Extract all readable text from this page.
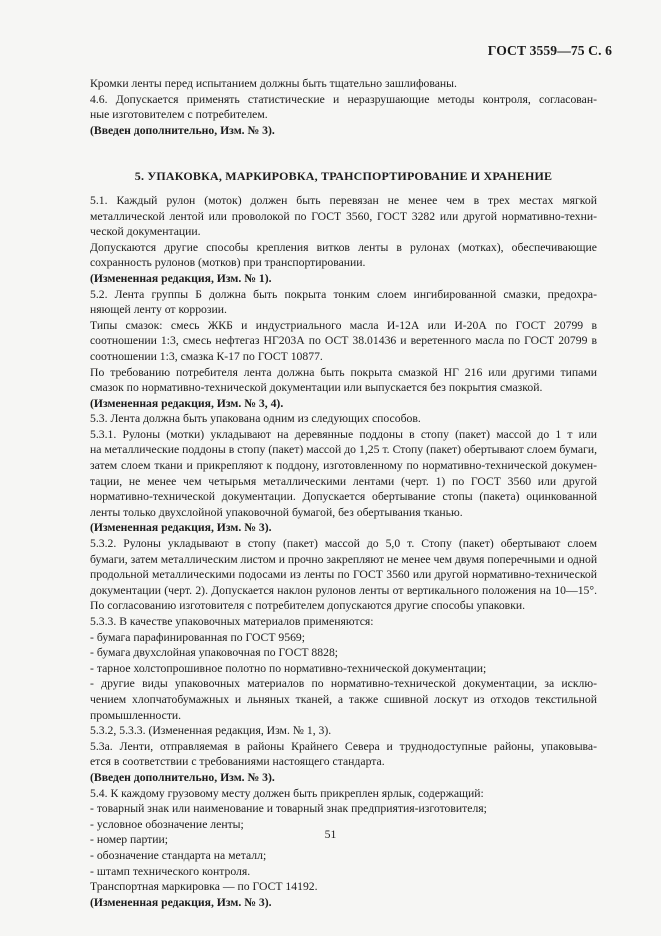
ГОСТ 3559—75 С. 6
Кромки ленты перед испытанием должны быть тщательно зашлифованы.
4.6. Допускается применять статистические и неразрушающие методы контроля, согласован-
ные изготовителем с потребителем.
(Введен дополнительно, Изм. № 3).
5. УПАКОВКА, МАРКИРОВКА, ТРАНСПОРТИРОВАНИЕ И ХРАНЕНИЕ
5.1. Каждый рулон (моток) должен быть перевязан не менее чем в трех местах мягкой
металлической лентой или проволокой по ГОСТ 3560, ГОСТ 3282 или другой нормативно-техни-
ческой документации.
Допускаются другие способы крепления витков ленты в рулонах (мотках), обеспечивающие
сохранность рулонов (мотков) при транспортировании.
(Измененная редакция, Изм. № 1).
5.2. Лента группы Б должна быть покрыта тонким слоем ингибированной смазки, предохра-
няющей ленту от коррозии.
Типы смазок: смесь ЖКБ и индустриального масла И-12А или И-20А по ГОСТ 20799 в
соотношении 1:3, смесь нефтегаз НГ203А по ОСТ 38.01436 и веретенного масла по ГОСТ 20799 в
соотношении 1:3, смазка К-17 по ГОСТ 10877.
По требованию потребителя лента должна быть покрыта смазкой НГ 216 или другими типами
смазок по нормативно-технической документации или выпускается без покрытия смазкой.
(Измененная редакция, Изм. № 3, 4).
5.3. Лента должна быть упакована одним из следующих способов.
5.3.1. Рулоны (мотки) укладывают на деревянные поддоны в стопу (пакет) массой до 1 т или
на металлические поддоны в стопу (пакет) массой до 1,25 т. Стопу (пакет) обертывают слоем бумаги,
затем слоем ткани и прикрепляют к поддону, изготовленному по нормативно-технической докумен-
тации, не менее чем четырьмя металлическими лентами (черт. 1) по ГОСТ 3560 или другой
нормативно-технической документации. Допускается обертывание стопы (пакета) оцинкованной
ленты только двухслойной упаковочной бумагой, без обертывания тканью.
(Измененная редакция, Изм. № 3).
5.3.2. Рулоны укладывают в стопу (пакет) массой до 5,0 т. Стопу (пакет) обертывают слоем
бумаги, затем металлическим листом и прочно закрепляют не менее чем двумя поперечными и одной
продольной металлическими подосами из ленты по ГОСТ 3560 или другой нормативно-технической
документации (черт. 2). Допускается наклон рулонов ленты от вертикального положения на 10—15°.
По согласованию изготовителя с потребителем допускаются другие способы упаковки.
5.3.3. В качестве упаковочных материалов применяются:
- бумага парафинированная по ГОСТ 9569;
- бумага двухслойная упаковочная по ГОСТ 8828;
- тарное холстопрошивное полотно по нормативно-технической документации;
- другие виды упаковочных материалов по нормативно-технической документации, за исклю-
чением хлопчатобумажных и льняных тканей, а также сшивной лоскут из отходов текстильной
промышленности.
5.3.2, 5.3.3. (Измененная редакция, Изм. № 1, 3).
5.3а. Ленти, отправляемая в районы Крайнего Севера и труднодоступные районы, упаковыва-
ется в соответствии с требованиями настоящего стандарта.
(Введен дополнительно, Изм. № 3).
5.4. К каждому грузовому месту должен быть прикреплен ярлык, содержащий:
- товарный знак или наименование и товарный знак предприятия-изготовителя;
- условное обозначение ленты;
- номер партии;
- обозначение стандарта на металл;
- штамп технического контроля.
Транспортная маркировка — по ГОСТ 14192.
(Измененная редакция, Изм. № 3).
51
